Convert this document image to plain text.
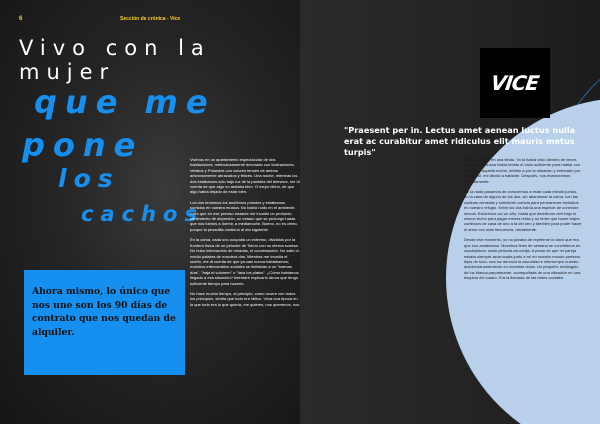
6	Sección de crónica - Vice
Vivo con la
mujer
que me
pone
los
cachos

Ahora mismo, lo único que nos une son los 90 días de contrato que nos quedan de alquiler.

Vivimos en un apartamento espectacular de dos habitaciones, meticulosamente decorado con ilustraciones, retratos y Polaroids con colores tenues de ambos amorosamente abrazados y felices. Una noche, mientras los dos estábamos sólo bajo luz de la pantalla del televisor, me di cuenta de que algo no andaba bien. O mejor dicho, de que algo había dejado de estar bien.

Los dos tenlamos los audífonos puestos y estábamos sumidos en nuestra música. No había ruido en el ambiente. Creo que en ese preciso instante me invadió un profundo sentimiento de depresión, un estado que se prolongó hasta que nos fuimos a dormir, a medianoche. Bueno, no es cierto, porque la pesadilla continuó al día siguiente.

En la cama, cada uno ocupaba un extremo, divididos por la frontera física de un peluche de Totoro con su eterna sonrisa. No hubo intercambio de miradas, ni conversación. No salió ni medio palabra de nosotros dos. Mientras me invadía el sueño, me di cuenta de que ya casi nunca hablábamos; nuestros intercambios sociales se limitaban a un "buenas días", "baja el volumen" o "lava los platos". ¿Cómo habíamos llegado a esa situación? Intentaré explicarlo ahora que tengo suficiente tiempo para hacerlo.

No hace mucho tiempo, al principio, como ocurre con todos los principios, sentía que todo era idílico. Vivía una época en la que todo era lo que quería, me quieres, nos queremos, nos

VICE
"Praesent per in. Lectus amet aenean luctus nulla erat ac curabitur amet ridiculus elit mauris metus turpis"

Todo comenzó en una fiesta. Ya la había visto dientes de veces antes, pero nunca había tenido el valor suficiente para hablar con ella. Pero aquella noche, debido a por la situación y entonado por el alcohol, me decidí a hablarle. Después, nos enamoramos perdidamente.

De la nada pasamos de conocernos a estar cada minuto juntos, en la casa de alguno de los dos, sin abandonar la cama, con las cortinas cerradas y suficiente comida para permanecer recluidos en nuestro refugio. Entre los dos había una especie de conexión sexual. Estuvimos así un año, hasta que decidimos vivir bajo el mismo techo para pagar menos renta y no tener que hacer viajes continuos de casa de uno a la del otro y también para poder hacer el amor con más frecuencia, obviamente.

Desde ese momento, yo no paraba de repetirme lo claro que era que nos amábamos. Nuestros fines de semana se convirtieron en cuadrípticos: sushi-película-sé-cobija. A pesar de que mi pareja estaba siempre acurrucada junto a mí en nuestro mundo perfecto, lejos de todo, una luz anunció la oscuridad e interrumpió nuestro autoenclaustramiento en nuestras vidas. Un pequeño rectángulo de luz blanca parpadeante, acompañada de una vibración en una esquina del cuarto. Era la llamada de las redes sociales.
